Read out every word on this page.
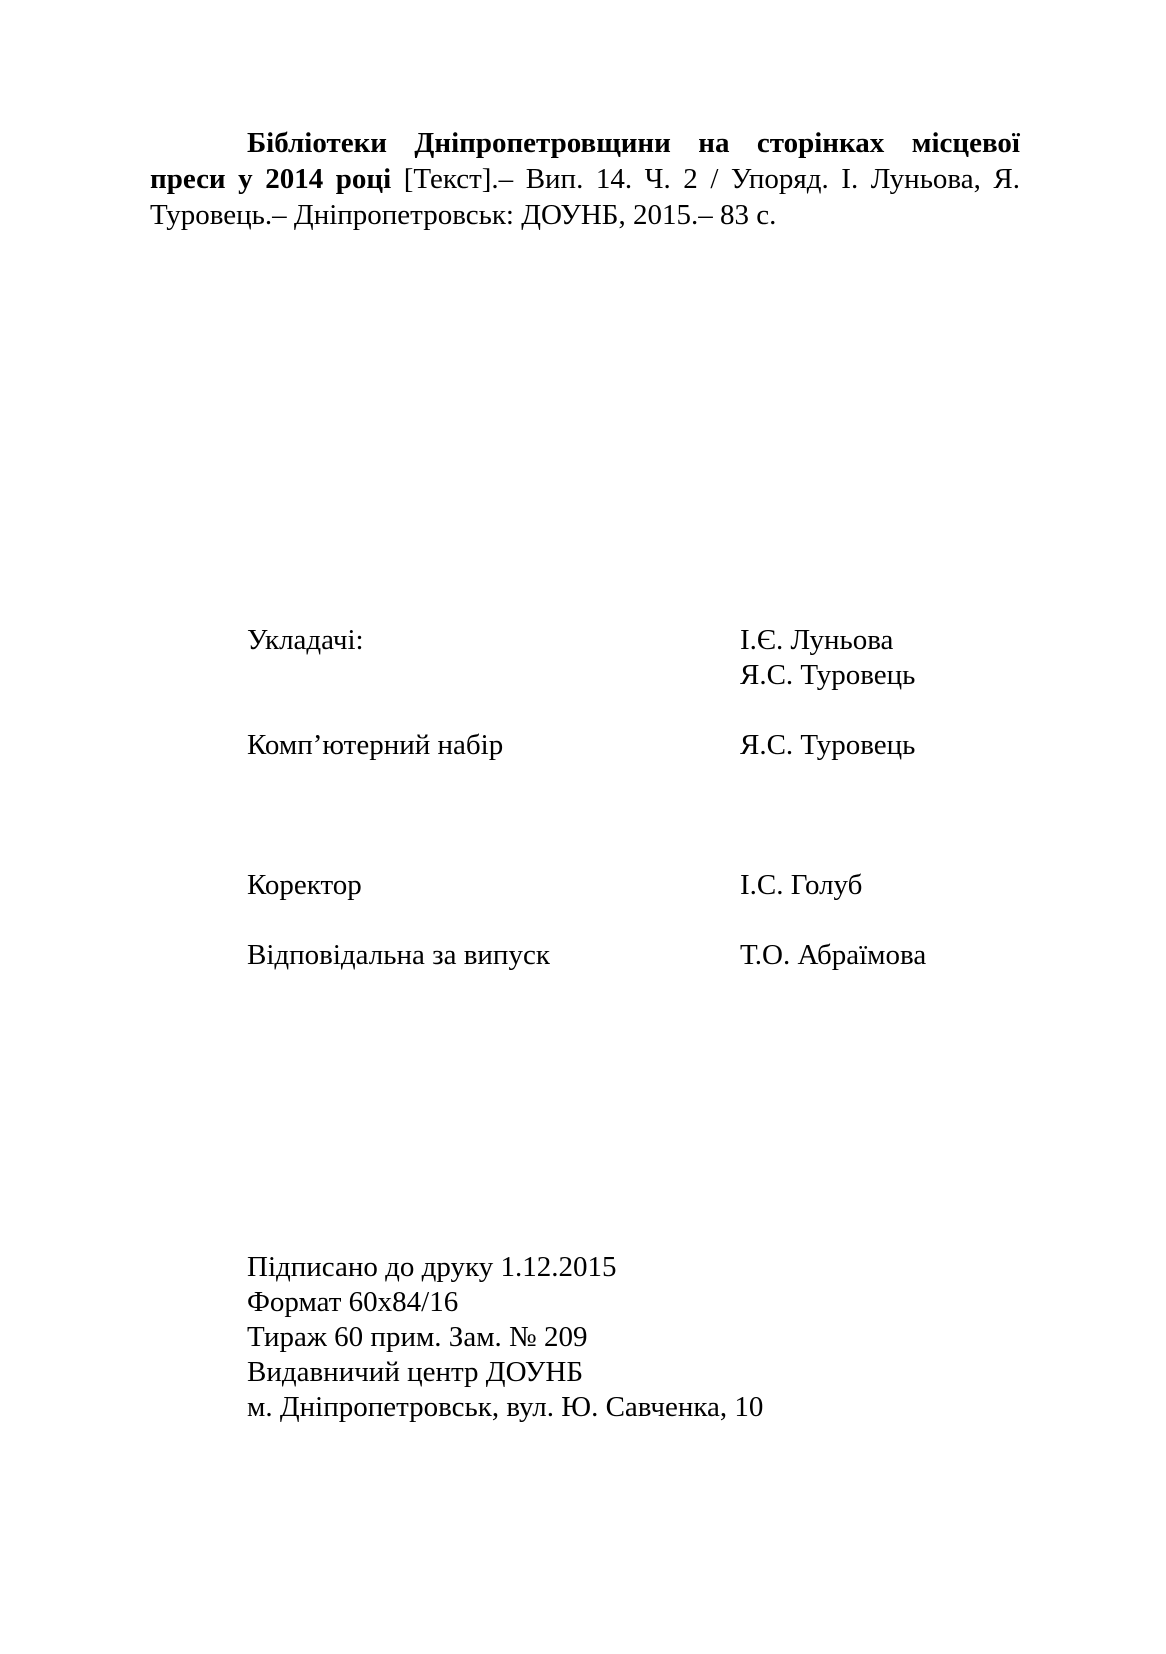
Бібліотеки Дніпропетровщини на сторінках місцевої преси у 2014 році [Текст].– Вип. 14. Ч. 2 / Упоряд. І. Луньова, Я. Туровець.– Дніпропетровськ: ДОУНБ, 2015.– 83 с.

Укладачі:	І.Є. Луньова
Я.С. Туровець
Комп’ютерний набір	Я.С. Туровець
Коректор	І.С. Голуб
Відповідальна за випуск	Т.О. Абраїмова
Підписано до друку 1.12.2015
Формат 60х84/16
Тираж 60 прим. Зам. № 209
Видавничий центр ДОУНБ
м. Дніпропетровськ, вул. Ю. Савченка, 10
